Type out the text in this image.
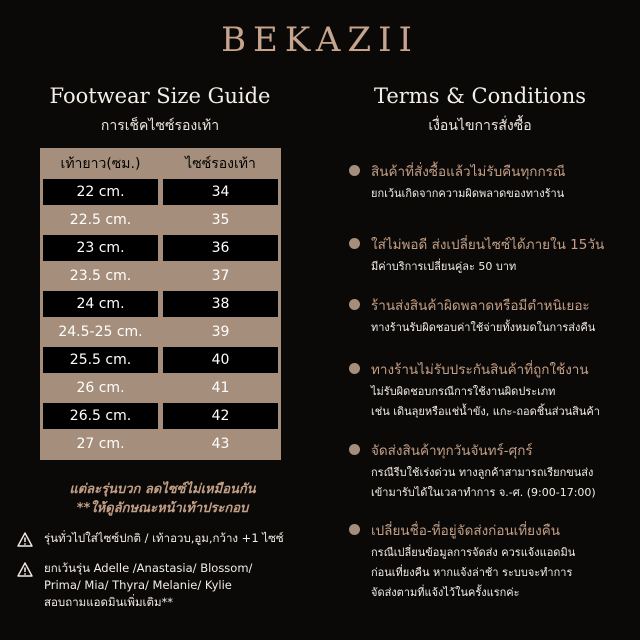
BEKAZII
Footwear Size Guide
การเช็คไซซ์รองเท้า
เท้ายาว(ซม.)	ไซซ์รองเท้า
22 cm.	34
22.5 cm.	35
23 cm.	36
23.5 cm.	37
24 cm.	38
24.5-25 cm.	39
25.5 cm.	40
26 cm.	41
26.5 cm.	42
27 cm.	43
แต่ละรุ่นบวก ลดไซซ์ไม่เหมือนกัน
**ให้ดูลักษณะหน้าเท้าประกอบ
รุ่นทั่วไปใส่ไซซ์ปกติ / เท้าอวบ,อูม,กว้าง +1 ไซซ์
ยกเว้นรุ่น Adelle /Anastasia/ Blossom/
Prima/ Mia/ Thyra/ Melanie/ Kylie
สอบถามแอดมินเพิ่มเติม**
Terms & Conditions
เงื่อนไขการสั่งซื้อ
สินค้าที่สั่งซื้อแล้วไม่รับคืนทุกกรณี
ยกเว้นเกิดจากความผิดพลาดของทางร้าน
ใส่ไม่พอดี ส่งเปลี่ยนไซซ์ได้ภายใน 15วัน
มีค่าบริการเปลี่ยนคู่ละ 50 บาท
ร้านส่งสินค้าผิดพลาดหรือมีตำหนิเยอะ
ทางร้านรับผิดชอบค่าใช้จ่ายทั้งหมดในการส่งคืน
ทางร้านไม่รับประกันสินค้าที่ถูกใช้งาน
ไม่รับผิดชอบกรณีการใช้งานผิดประเภท
เช่น เดินลุยหรือแช่น้ำขัง, แกะ-ถอดชิ้นส่วนสินค้า
จัดส่งสินค้าทุกวันจันทร์-ศุกร์
กรณีรีบใช้เร่งด่วน ทางลูกค้าสามารถเรียกขนส่ง
เข้ามารับได้ในเวลาทำการ จ.-ศ. (9:00-17:00)
เปลี่ยนชื่อ-ที่อยู่จัดส่งก่อนเที่ยงคืน
กรณีเปลี่ยนข้อมูลการจัดส่ง ควรแจ้งแอดมิน
ก่อนเที่ยงคืน หากแจ้งล่าช้า ระบบจะทำการ
จัดส่งตามที่แจ้งไว้ในครั้งแรกค่ะ
